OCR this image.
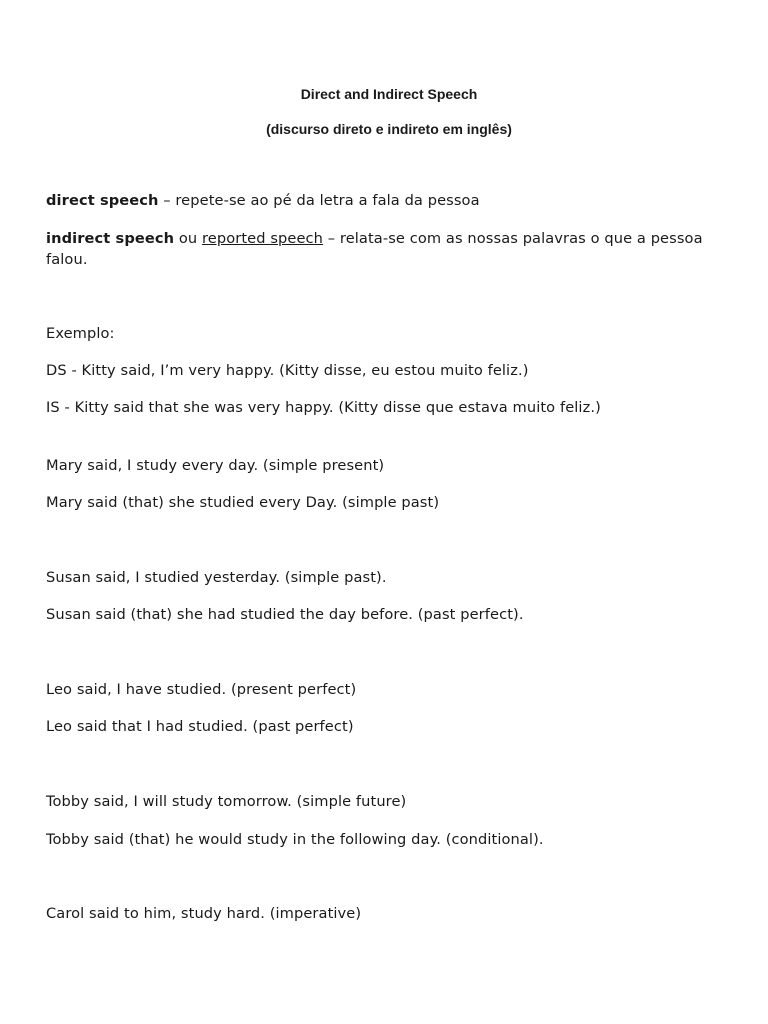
Direct and Indirect Speech
(discurso direto e indireto em inglês)
direct speech – repete-se ao pé da letra a fala da pessoa
indirect speech ou reported speech – relata-se com as nossas palavras o que a pessoa falou.
Exemplo:
DS - Kitty said, I’m very happy. (Kitty disse, eu estou muito feliz.)
IS - Kitty said that she was very happy. (Kitty disse que estava muito feliz.)
Mary said, I study every day. (simple present)
Mary said (that) she studied every Day. (simple past)
Susan said, I studied yesterday. (simple past).
Susan said (that) she had studied the day before. (past perfect).
Leo said, I have studied. (present perfect)
Leo said that I had studied. (past perfect)
Tobby said, I will study tomorrow. (simple future)
Tobby said (that) he would study in the following day. (conditional).
Carol said to him, study hard. (imperative)
